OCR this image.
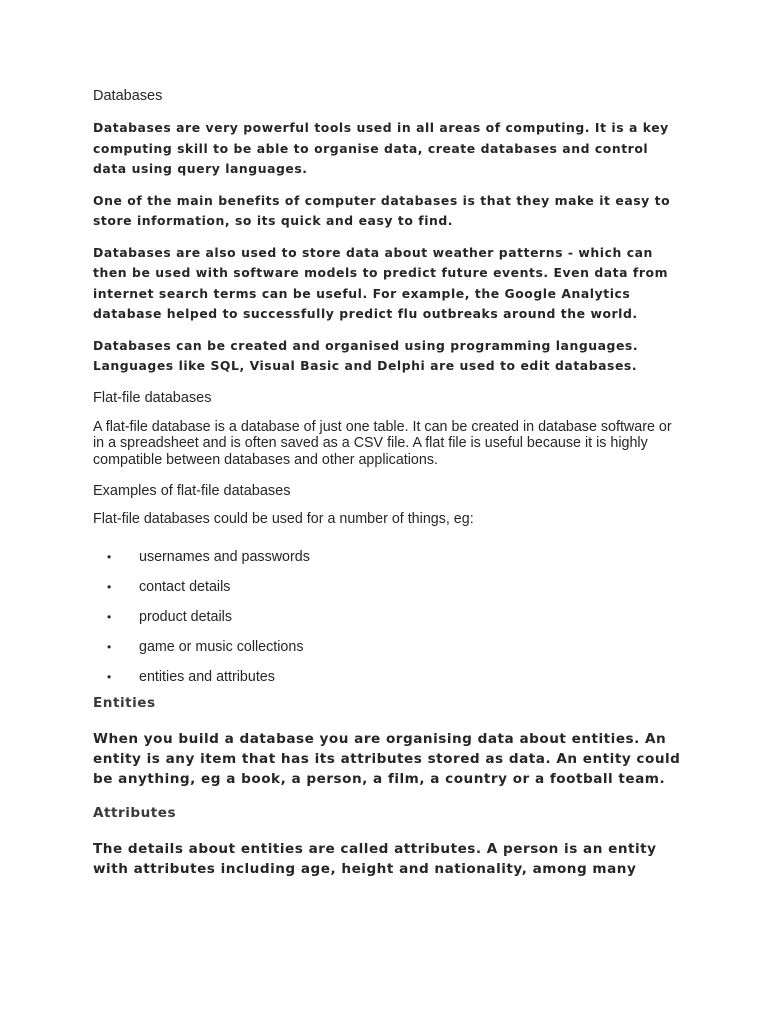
Databases

Databases are very powerful tools used in all areas of computing. It is a key computing skill to be able to organise data, create databases and control data using query languages.

One of the main benefits of computer databases is that they make it easy to store information, so its quick and easy to find.

Databases are also used to store data about weather patterns - which can then be used with software models to predict future events. Even data from internet search terms can be useful. For example, the Google Analytics database helped to successfully predict flu outbreaks around the world.

Databases can be created and organised using programming languages. Languages like SQL, Visual Basic and Delphi are used to edit databases.

Flat-file databases

A flat-file database is a database of just one table. It can be created in database software or in a spreadsheet and is often saved as a CSV file. A flat file is useful because it is highly compatible between databases and other applications.

Examples of flat-file databases

Flat-file databases could be used for a number of things, eg:

• usernames and passwords
• contact details
• product details
• game or music collections
• entities and attributes
Entities

When you build a database you are organising data about entities. An entity is any item that has its attributes stored as data. An entity could be anything, eg a book, a person, a film, a country or a football team.

Attributes

The details about entities are called attributes. A person is an entity with attributes including age, height and nationality, among many
